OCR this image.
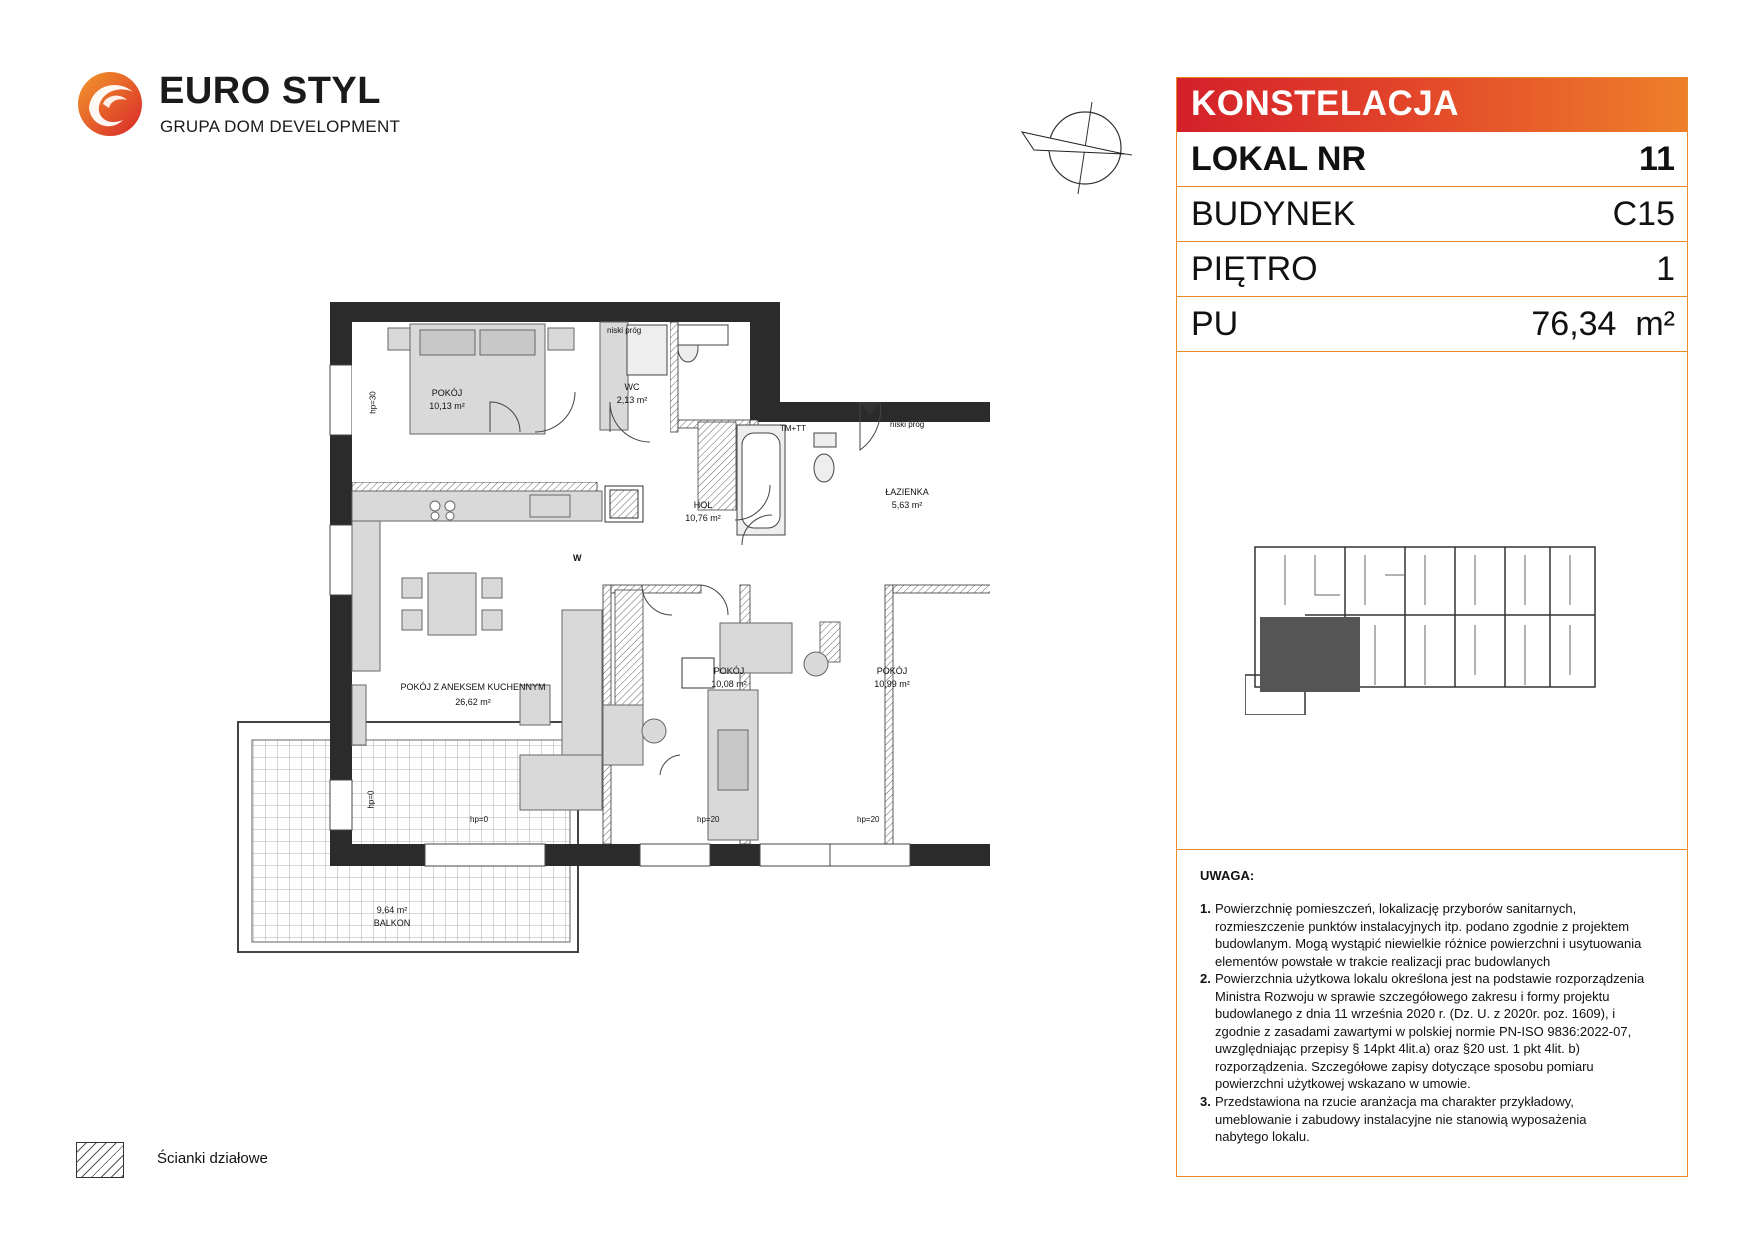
EURO STYL
GRUPA DOM DEVELOPMENT
POKÓJ
10,13 m²
WC
2,13 m²
HOL
10,76 m²
ŁAZIENKA
5,63 m²
POKÓJ Z ANEKSEM KUCHENNYM
26,62 m²
POKÓJ
10,08 m²
POKÓJ
10,99 m²
BALKON
9,64 m²
niski próg
niski próg
TM+TT
W
hp=0	hp=20	hp=20
hp=30
hp=0
KONSTELACJA
LOKAL NR	11
BUDYNEK	C15
PIĘTRO	1
PU	76,34  m²
UWAGA:
1. Powierzchnię pomieszczeń, lokalizację przyborów sanitarnych,
rozmieszczenie punktów instalacyjnych itp. podano zgodnie z projektem
budowlanym. Mogą wystąpić niewielkie różnice powierzchni i usytuowania
elementów powstałe w trakcie realizacji prac budowlanych
2. Powierzchnia użytkowa lokalu określona jest na podstawie rozporządzenia
Ministra Rozwoju w sprawie szczegółowego zakresu i formy projektu
budowlanego z dnia 11 września 2020 r. (Dz. U. z 2020r. poz. 1609), i
zgodnie z zasadami zawartymi w polskiej normie PN-ISO 9836:2022-07,
uwzględniając przepisy § 14pkt 4lit.a) oraz §20 ust. 1 pkt 4lit. b)
rozporządzenia. Szczegółowe zapisy dotyczące sposobu pomiaru
powierzchni użytkowej wskazano w umowie.
3. Przedstawiona na rzucie aranżacja ma charakter przykładowy,
umeblowanie i zabudowy instalacyjne nie stanowią wyposażenia
nabytego lokalu.
Ścianki działowe
